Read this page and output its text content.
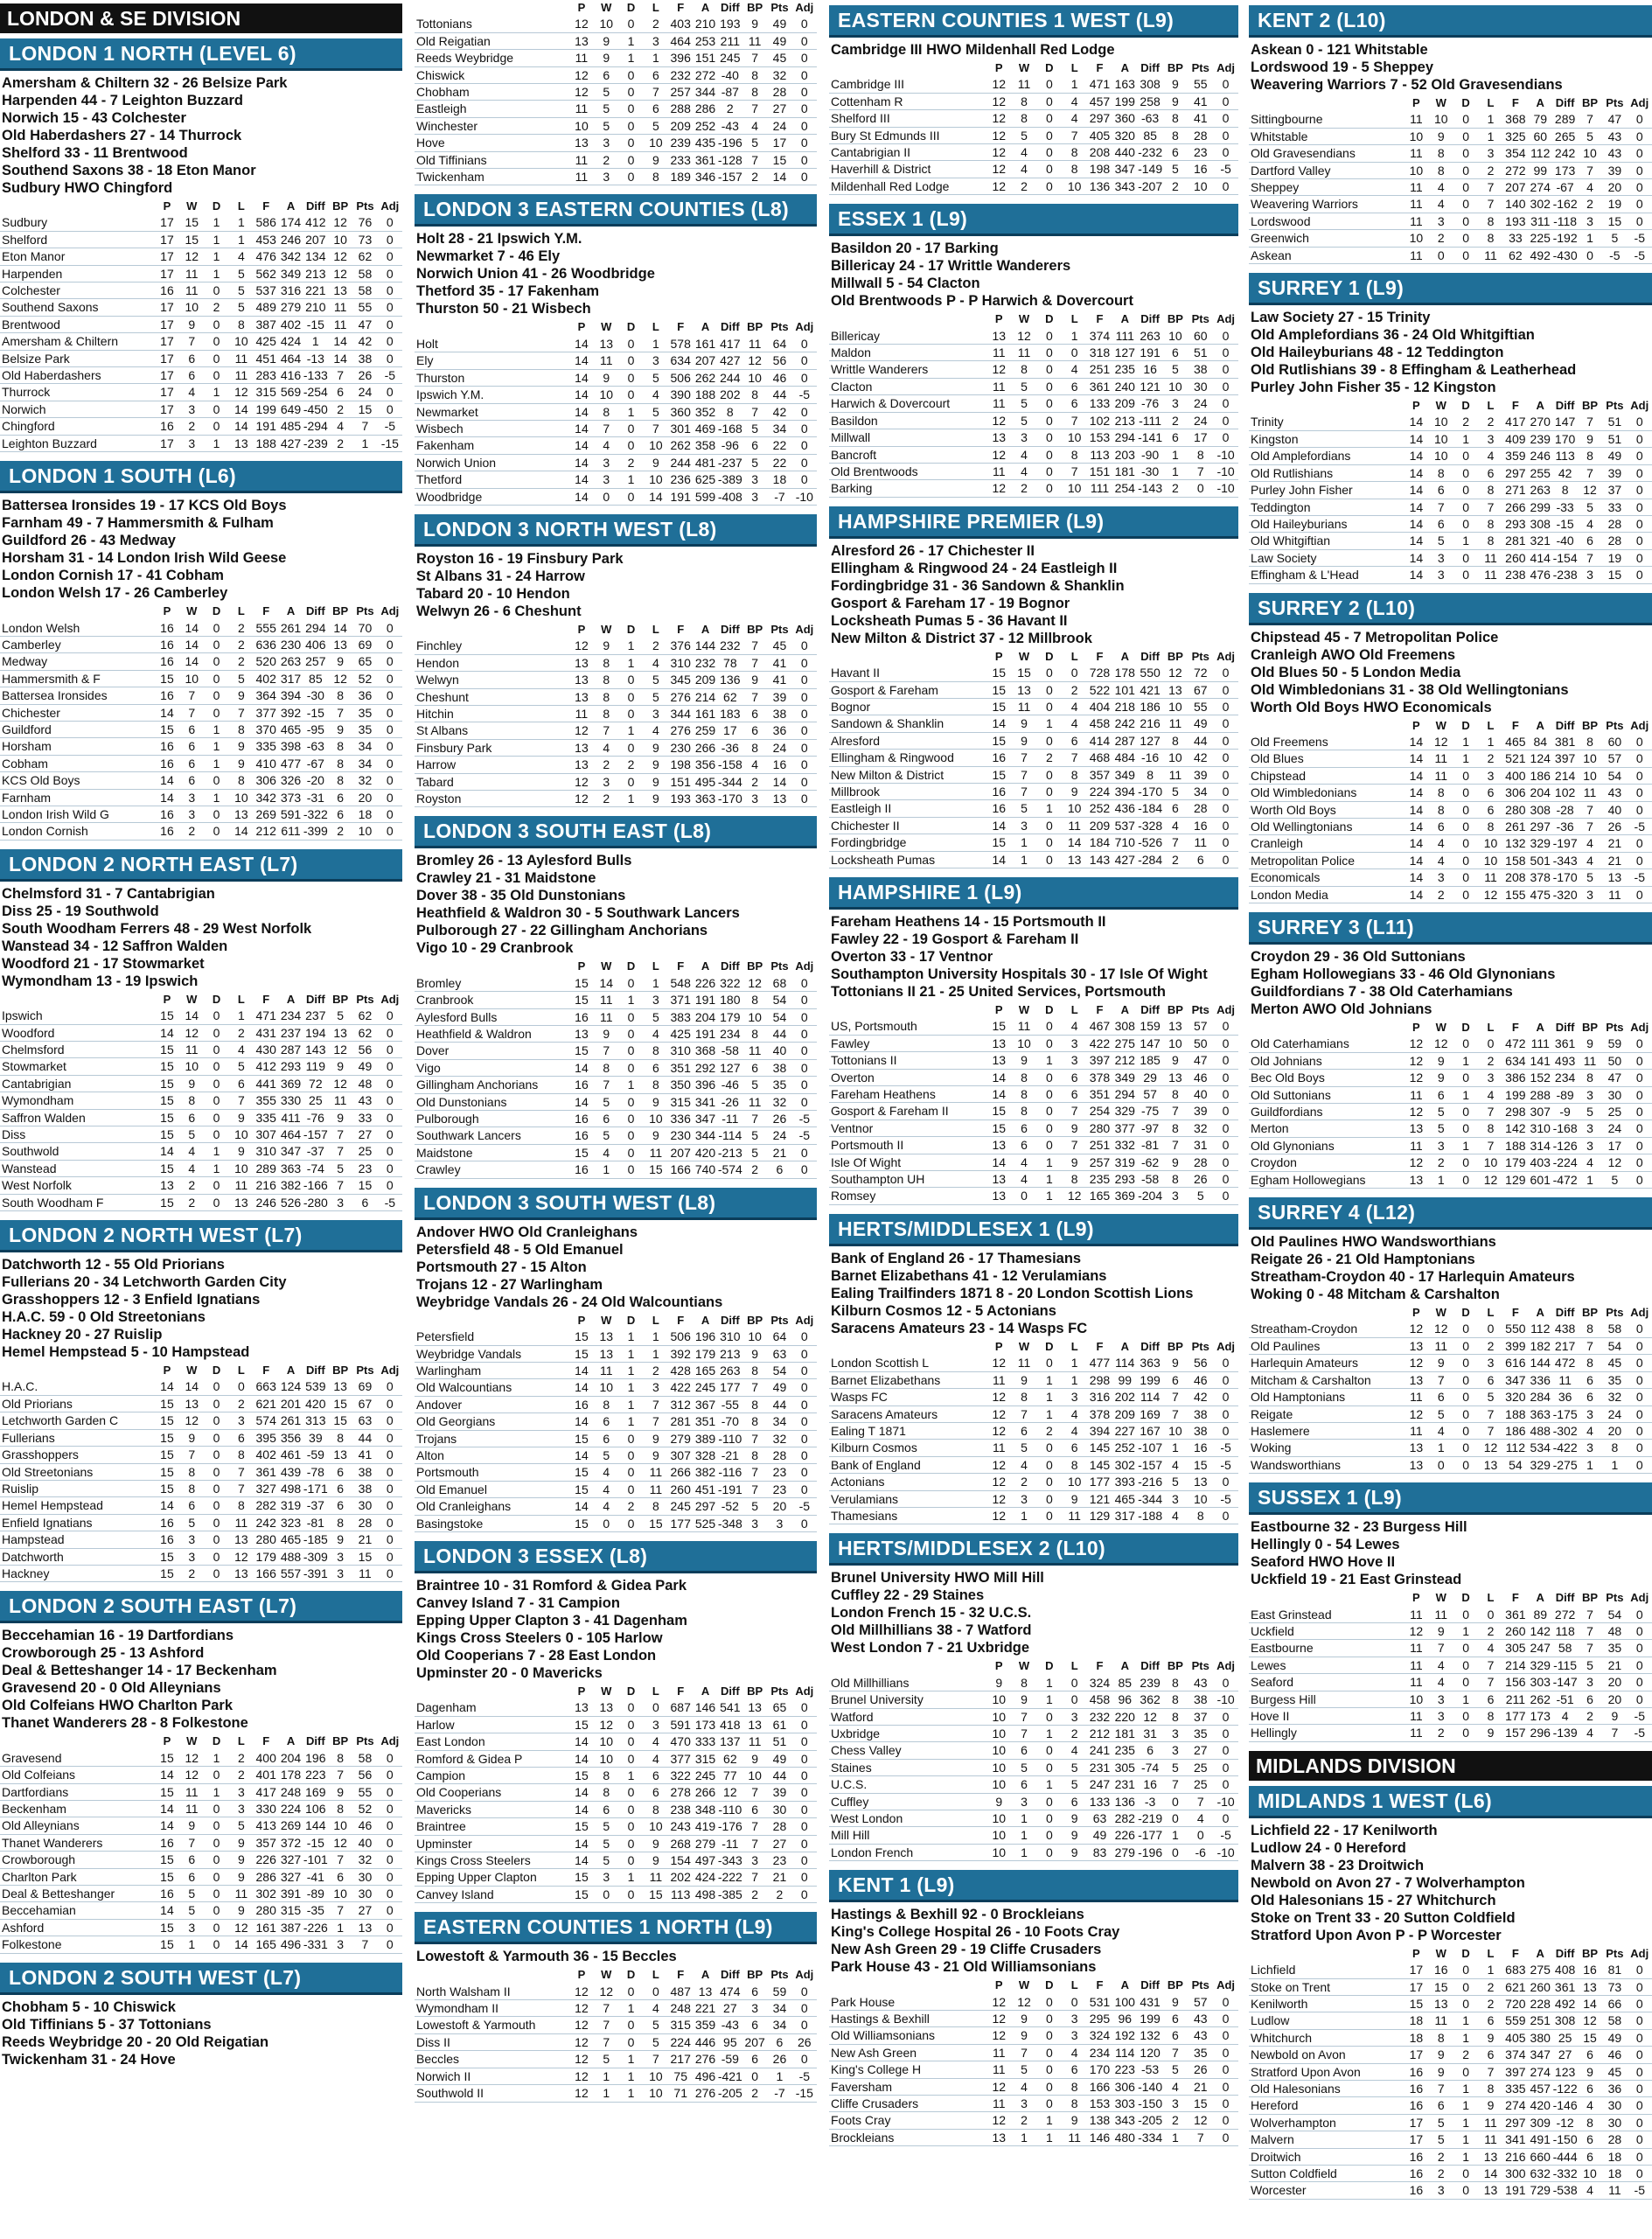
LONDON & SE DIVISION
LONDON 1 NORTH (LEVEL 6)
Amersham & Chiltern 32 - 26 Belsize Park
Harpenden 44 - 7 Leighton Buzzard
Norwich 15 - 43 Colchester
Old Haberdashers 27 - 14 Thurrock
Shelford 33 - 11 Brentwood
Southend Saxons 38 - 18 Eton Manor
Sudbury HWO Chingford
	P	W	D	L	F	A	Diff	BP	Pts	Adj
Sudbury	17	15	1	1	586	174	412	12	76	0
Shelford	17	15	1	1	453	246	207	10	73	0
Eton Manor	17	12	1	4	476	342	134	12	62	0
Harpenden	17	11	1	5	562	349	213	12	58	0
Colchester	16	11	0	5	537	316	221	13	58	0
Southend Saxons	17	10	2	5	489	279	210	11	55	0
Brentwood	17	9	0	8	387	402	-15	11	47	0
Amersham & Chiltern	17	7	0	10	425	424	1	14	42	0
Belsize Park	17	6	0	11	451	464	-13	14	38	0
Old Haberdashers	17	6	0	11	283	416	-133	7	26	-5
Thurrock	17	4	1	12	315	569	-254	6	24	0
Norwich	17	3	0	14	199	649	-450	2	15	0
Chingford	16	2	0	14	191	485	-294	4	7	-5
Leighton Buzzard	17	3	1	13	188	427	-239	2	1	-15
LONDON 1 SOUTH (L6)
Battersea Ironsides 19 - 17 KCS Old Boys
Farnham 49 - 7 Hammersmith & Fulham
Guildford 26 - 43 Medway
Horsham 31 - 14 London Irish Wild Geese
London Cornish 17 - 41 Cobham
London Welsh 17 - 26 Camberley
	P	W	D	L	F	A	Diff	BP	Pts	Adj
London Welsh	16	14	0	2	555	261	294	14	70	0
Camberley	16	14	0	2	636	230	406	13	69	0
Medway	16	14	0	2	520	263	257	9	65	0
Hammersmith & F	15	10	0	5	402	317	85	12	52	0
Battersea Ironsides	16	7	0	9	364	394	-30	8	36	0
Chichester	14	7	0	7	377	392	-15	7	35	0
Guildford	15	6	1	8	370	465	-95	9	35	0
Horsham	16	6	1	9	335	398	-63	8	34	0
Cobham	16	6	1	9	410	477	-67	8	34	0
KCS Old Boys	14	6	0	8	306	326	-20	8	32	0
Farnham	14	3	1	10	342	373	-31	6	20	0
London Irish Wild G	16	3	0	13	269	591	-322	6	18	0
London Cornish	16	2	0	14	212	611	-399	2	10	0
LONDON 2 NORTH EAST (L7)
Chelmsford 31 - 7 Cantabrigian
Diss 25 - 19 Southwold
South Woodham Ferrers 48 - 29 West Norfolk
Wanstead 34 - 12 Saffron Walden
Woodford 21 - 17 Stowmarket
Wymondham 13 - 19 Ipswich
	P	W	D	L	F	A	Diff	BP	Pts	Adj
Ipswich	15	14	0	1	471	234	237	5	62	0
Woodford	14	12	0	2	431	237	194	13	62	0
Chelmsford	15	11	0	4	430	287	143	12	56	0
Stowmarket	15	10	0	5	412	293	119	9	49	0
Cantabrigian	15	9	0	6	441	369	72	12	48	0
Wymondham	15	8	0	7	355	330	25	11	43	0
Saffron Walden	15	6	0	9	335	411	-76	9	33	0
Diss	15	5	0	10	307	464	-157	7	27	0
Southwold	14	4	1	9	310	347	-37	7	25	0
Wanstead	15	4	1	10	289	363	-74	5	23	0
West Norfolk	13	2	0	11	216	382	-166	7	15	0
South Woodham F	15	2	0	13	246	526	-280	3	6	-5
LONDON 2 NORTH WEST (L7)
Datchworth 12 - 55 Old Priorians
Fullerians 20 - 34 Letchworth Garden City
Grasshoppers 12 - 3 Enfield Ignatians
H.A.C. 59 - 0 Old Streetonians
Hackney 20 - 27 Ruislip
Hemel Hempstead 5 - 10 Hampstead
	P	W	D	L	F	A	Diff	BP	Pts	Adj
H.A.C.	14	14	0	0	663	124	539	13	69	0
Old Priorians	15	13	0	2	621	201	420	15	67	0
Letchworth Garden C	15	12	0	3	574	261	313	15	63	0
Fullerians	15	9	0	6	395	356	39	8	44	0
Grasshoppers	15	7	0	8	402	461	-59	13	41	0
Old Streetonians	15	8	0	7	361	439	-78	6	38	0
Ruislip	15	8	0	7	327	498	-171	6	38	0
Hemel Hempstead	14	6	0	8	282	319	-37	6	30	0
Enfield Ignatians	16	5	0	11	242	323	-81	8	28	0
Hampstead	16	3	0	13	280	465	-185	9	21	0
Datchworth	15	3	0	12	179	488	-309	3	15	0
Hackney	15	2	0	13	166	557	-391	3	11	0
LONDON 2 SOUTH EAST (L7)
Beccehamian 16 - 19 Dartfordians
Crowborough 25 - 13 Ashford
Deal & Betteshanger 14 - 17 Beckenham
Gravesend 20 - 0 Old Alleynians
Old Colfeians HWO Charlton Park
Thanet Wanderers 28 - 8 Folkestone
	P	W	D	L	F	A	Diff	BP	Pts	Adj
Gravesend	15	12	1	2	400	204	196	8	58	0
Old Colfeians	14	12	0	2	401	178	223	7	56	0
Dartfordians	15	11	1	3	417	248	169	9	55	0
Beckenham	14	11	0	3	330	224	106	8	52	0
Old Alleynians	14	9	0	5	413	269	144	10	46	0
Thanet Wanderers	16	7	0	9	357	372	-15	12	40	0
Crowborough	15	6	0	9	226	327	-101	7	32	0
Charlton Park	15	6	0	9	286	327	-41	6	30	0
Deal & Betteshanger	16	5	0	11	302	391	-89	10	30	0
Beccehamian	14	5	0	9	280	315	-35	7	27	0
Ashford	15	3	0	12	161	387	-226	1	13	0
Folkestone	15	1	0	14	165	496	-331	3	7	0
LONDON 2 SOUTH WEST (L7)
Chobham 5 - 10 Chiswick
Old Tiffinians 5 - 37 Tottonians
Reeds Weybridge 20 - 20 Old Reigatian
Twickenham 31 - 24 Hove
	P	W	D	L	F	A	Diff	BP	Pts	Adj
Tottonians	12	10	0	2	403	210	193	9	49	0
Old Reigatian	13	9	1	3	464	253	211	11	49	0
Reeds Weybridge	11	9	1	1	396	151	245	7	45	0
Chiswick	12	6	0	6	232	272	-40	8	32	0
Chobham	12	5	0	7	257	344	-87	8	28	0
Eastleigh	11	5	0	6	288	286	2	7	27	0
Winchester	10	5	0	5	209	252	-43	4	24	0
Hove	13	3	0	10	239	435	-196	5	17	0
Old Tiffinians	11	2	0	9	233	361	-128	7	15	0
Twickenham	11	3	0	8	189	346	-157	2	14	0
LONDON 3 EASTERN COUNTIES (L8)
Holt 28 - 21 Ipswich Y.M.
Newmarket 7 - 46 Ely
Norwich Union 41 - 26 Woodbridge
Thetford 35 - 17 Fakenham
Thurston 50 - 21 Wisbech
	P	W	D	L	F	A	Diff	BP	Pts	Adj
Holt	14	13	0	1	578	161	417	11	64	0
Ely	14	11	0	3	634	207	427	12	56	0
Thurston	14	9	0	5	506	262	244	10	46	0
Ipswich Y.M.	14	10	0	4	390	188	202	8	44	-5
Newmarket	14	8	1	5	360	352	8	7	42	0
Wisbech	14	7	0	7	301	469	-168	5	34	0
Fakenham	14	4	0	10	262	358	-96	6	22	0
Norwich Union	14	3	2	9	244	481	-237	5	22	0
Thetford	14	3	1	10	236	625	-389	3	18	0
Woodbridge	14	0	0	14	191	599	-408	3	-7	-10
LONDON 3 NORTH WEST (L8)
Royston 16 - 19 Finsbury Park
St Albans 31 - 24 Harrow
Tabard 20 - 10 Hendon
Welwyn 26 - 6 Cheshunt
	P	W	D	L	F	A	Diff	BP	Pts	Adj
Finchley	12	9	1	2	376	144	232	7	45	0
Hendon	13	8	1	4	310	232	78	7	41	0
Welwyn	13	8	0	5	345	209	136	9	41	0
Cheshunt	13	8	0	5	276	214	62	7	39	0
Hitchin	11	8	0	3	344	161	183	6	38	0
St Albans	12	7	1	4	276	259	17	6	36	0
Finsbury Park	13	4	0	9	230	266	-36	8	24	0
Harrow	13	2	2	9	198	356	-158	4	16	0
Tabard	12	3	0	9	151	495	-344	2	14	0
Royston	12	2	1	9	193	363	-170	3	13	0
LONDON 3 SOUTH EAST (L8)
Bromley 26 - 13 Aylesford Bulls
Crawley 21 - 31 Maidstone
Dover 38 - 35 Old Dunstonians
Heathfield & Waldron 30 - 5 Southwark Lancers
Pulborough 27 - 22 Gillingham Anchorians
Vigo 10 - 29 Cranbrook
	P	W	D	L	F	A	Diff	BP	Pts	Adj
Bromley	15	14	0	1	548	226	322	12	68	0
Cranbrook	15	11	1	3	371	191	180	8	54	0
Aylesford Bulls	16	11	0	5	383	204	179	10	54	0
Heathfield & Waldron	13	9	0	4	425	191	234	8	44	0
Dover	15	7	0	8	310	368	-58	11	40	0
Vigo	14	8	0	6	351	292	127	6	38	0
Gillingham Anchorians	16	7	1	8	350	396	-46	5	35	0
Old Dunstonians	14	5	0	9	315	341	-26	11	32	0
Pulborough	16	6	0	10	336	347	-11	7	26	-5
Southwark Lancers	16	5	0	9	230	344	-114	5	24	-5
Maidstone	15	4	0	11	207	420	-213	5	21	0
Crawley	16	1	0	15	166	740	-574	2	6	0
LONDON 3 SOUTH WEST (L8)
Andover HWO Old Cranleighans
Petersfield 48 - 5 Old Emanuel
Portsmouth 27 - 15 Alton
Trojans 12 - 27 Warlingham
Weybridge Vandals 26 - 24 Old Walcountians
	P	W	D	L	F	A	Diff	BP	Pts	Adj
Petersfield	15	13	1	1	506	196	310	10	64	0
Weybridge Vandals	15	13	1	1	392	179	213	9	63	0
Warlingham	14	11	1	2	428	165	263	8	54	0
Old Walcountians	14	10	1	3	422	245	177	7	49	0
Andover	16	8	1	7	312	367	-55	8	44	0
Old Georgians	14	6	1	7	281	351	-70	8	34	0
Trojans	15	6	0	9	279	389	-110	7	32	0
Alton	14	5	0	9	307	328	-21	8	28	0
Portsmouth	15	4	0	11	266	382	-116	7	23	0
Old Emanuel	15	4	0	11	260	451	-191	7	23	0
Old Cranleighans	14	4	2	8	245	297	-52	5	20	-5
Basingstoke	15	0	0	15	177	525	-348	3	3	0
LONDON 3 ESSEX (L8)
Braintree 10 - 31 Romford & Gidea Park
Canvey Island 7 - 31 Campion
Epping Upper Clapton 3 - 41 Dagenham
Kings Cross Steelers 0 - 105 Harlow
Old Cooperians 7 - 28 East London
Upminster 20 - 0 Mavericks
	P	W	D	L	F	A	Diff	BP	Pts	Adj
Dagenham	13	13	0	0	687	146	541	13	65	0
Harlow	15	12	0	3	591	173	418	13	61	0
East London	14	10	0	4	470	333	137	11	51	0
Romford & Gidea P	14	10	0	4	377	315	62	9	49	0
Campion	15	8	1	6	322	245	77	10	44	0
Old Cooperians	14	8	0	6	278	266	12	7	39	0
Mavericks	14	6	0	8	238	348	-110	6	30	0
Braintree	15	5	0	10	243	419	-176	7	28	0
Upminster	14	5	0	9	268	279	-11	7	27	0
Kings Cross Steelers	14	5	0	9	154	497	-343	3	23	0
Epping Upper Clapton	15	3	1	11	202	424	-222	7	21	0
Canvey Island	15	0	0	15	113	498	-385	2	2	0
EASTERN COUNTIES 1 NORTH (L9)
Lowestoft & Yarmouth 36 - 15 Beccles
	P	W	D	L	F	A	Diff	BP	Pts	Adj
North Walsham II	12	12	0	0	487	13	474	6	59	0
Wymondham II	12	7	1	4	248	221	27	3	34	0
Lowestoft & Yarmouth	12	7	0	5	315	359	-43	6	34	0
Diss II	12	7	0	5	224	446	95	207	6	26
Beccles	12	5	1	7	217	276	-59	6	26	0
Norwich II	12	1	1	10	75	496	-421	0	1	-5
Southwold II	12	1	1	10	71	276	-205	2	-7	-15
EASTERN COUNTIES 1 WEST (L9)
Cambridge III HWO Mildenhall Red Lodge
	P	W	D	L	F	A	Diff	BP	Pts	Adj
Cambridge III	12	11	0	1	471	163	308	9	55	0
Cottenham R	12	8	0	4	457	199	258	9	41	0
Shelford III	12	8	0	4	297	360	-63	8	41	0
Bury St Edmunds III	12	5	0	7	405	320	85	8	28	0
Cantabrigian II	12	4	0	8	208	440	-232	6	23	0
Haverhill & District	12	4	0	8	198	347	-149	5	16	-5
Mildenhall Red Lodge	12	2	0	10	136	343	-207	2	10	0
ESSEX 1 (L9)
Basildon 20 - 17 Barking
Billericay 24 - 17 Writtle Wanderers
Millwall 5 - 54 Clacton
Old Brentwoods P - P Harwich & Dovercourt
	P	W	D	L	F	A	Diff	BP	Pts	Adj
Billericay	13	12	0	1	374	111	263	10	60	0
Maldon	11	11	0	0	318	127	191	6	51	0
Writtle Wanderers	12	8	0	4	251	235	16	5	38	0
Clacton	11	5	0	6	361	240	121	10	30	0
Harwich & Dovercourt	11	5	0	6	133	209	-76	3	24	0
Basildon	12	5	0	7	102	213	-111	2	24	0
Millwall	13	3	0	10	153	294	-141	6	17	0
Bancroft	12	4	0	8	113	203	-90	1	8	-10
Old Brentwoods	11	4	0	7	151	181	-30	1	7	-10
Barking	12	2	0	10	111	254	-143	2	0	-10
HAMPSHIRE PREMIER (L9)
Alresford 26 - 17 Chichester II
Ellingham & Ringwood 24 - 24 Eastleigh II
Fordingbridge 31 - 36 Sandown & Shanklin
Gosport & Fareham 17 - 19 Bognor
Locksheath Pumas 5 - 36 Havant II
New Milton & District 37 - 12 Millbrook
	P	W	D	L	F	A	Diff	BP	Pts	Adj
Havant II	15	15	0	0	728	178	550	12	72	0
Gosport & Fareham	15	13	0	2	522	101	421	13	67	0
Bognor	15	11	0	4	404	218	186	10	55	0
Sandown & Shanklin	14	9	1	4	458	242	216	11	49	0
Alresford	15	9	0	6	414	287	127	8	44	0
Ellingham & Ringwood	16	7	2	7	468	484	-16	10	42	0
New Milton & District	15	7	0	8	357	349	8	11	39	0
Millbrook	16	7	0	9	224	394	-170	5	34	0
Eastleigh II	16	5	1	10	252	436	-184	6	28	0
Chichester II	14	3	0	11	209	537	-328	4	16	0
Fordingbridge	15	1	0	14	184	710	-526	7	11	0
Locksheath Pumas	14	1	0	13	143	427	-284	2	6	0
HAMPSHIRE 1 (L9)
Fareham Heathens 14 - 15 Portsmouth II
Fawley 22 - 19 Gosport & Fareham II
Overton 33 - 17 Ventnor
Southampton University Hospitals 30 - 17 Isle Of Wight
Tottonians II 21 - 25 United Services, Portsmouth
	P	W	D	L	F	A	Diff	BP	Pts	Adj
US, Portsmouth	15	11	0	4	467	308	159	13	57	0
Fawley	13	10	0	3	422	275	147	10	50	0
Tottonians II	13	9	1	3	397	212	185	9	47	0
Overton	14	8	0	6	378	349	29	13	46	0
Fareham Heathens	14	8	0	6	351	294	57	8	40	0
Gosport & Fareham II	15	8	0	7	254	329	-75	7	39	0
Ventnor	15	6	0	9	280	377	-97	8	32	0
Portsmouth II	13	6	0	7	251	332	-81	7	31	0
Isle Of Wight	14	4	1	9	257	319	-62	9	28	0
Southampton UH	13	4	1	8	235	293	-58	8	26	0
Romsey	13	0	1	12	165	369	-204	3	5	0
HERTS/MIDDLESEX 1 (L9)
Bank of England 26 - 17 Thamesians
Barnet Elizabethans 41 - 12 Verulamians
Ealing Trailfinders 1871 8 - 20 London Scottish Lions
Kilburn Cosmos 12 - 5 Actonians
Saracens Amateurs 23 - 14 Wasps FC
	P	W	D	L	F	A	Diff	BP	Pts	Adj
London Scottish L	12	11	0	1	477	114	363	9	56	0
Barnet Elizabethans	11	9	1	1	298	99	199	6	46	0
Wasps FC	12	8	1	3	316	202	114	7	42	0
Saracens Amateurs	12	7	1	4	378	209	169	7	38	0
Ealing T 1871	12	6	2	4	394	227	167	10	38	0
Kilburn Cosmos	11	5	0	6	145	252	-107	1	16	-5
Bank of England	12	4	0	8	145	302	-157	4	15	-5
Actonians	12	2	0	10	177	393	-216	5	13	0
Verulamians	12	3	0	9	121	465	-344	3	10	-5
Thamesians	12	1	0	11	129	317	-188	4	8	0
HERTS/MIDDLESEX 2 (L10)
Brunel University HWO Mill Hill
Cuffley 22 - 29 Staines
London French 15 - 32 U.C.S.
Old Millhillians 38 - 7 Watford
West London 7 - 21 Uxbridge
	P	W	D	L	F	A	Diff	BP	Pts	Adj
Old Millhillians	9	8	1	0	324	85	239	8	43	0
Brunel University	10	9	1	0	458	96	362	8	38	-10
Watford	10	7	0	3	232	220	12	8	37	0
Uxbridge	10	7	1	2	212	181	31	3	35	0
Chess Valley	10	6	0	4	241	235	6	3	27	0
Staines	10	5	0	5	231	305	-74	5	25	0
U.C.S.	10	6	1	5	247	231	16	7	25	0
Cuffley	9	3	0	6	133	136	-3	0	7	-10
West London	10	1	0	9	63	282	-219	0	4	0
Mill Hill	10	1	0	9	49	226	-177	1	0	-5
London French	10	1	0	9	83	279	-196	0	-6	-10
KENT 1 (L9)
Hastings & Bexhill 92 - 0 Brockleians
King's College Hospital 26 - 10 Foots Cray
New Ash Green 29 - 19 Cliffe Crusaders
Park House 43 - 21 Old Williamsonians
	P	W	D	L	F	A	Diff	BP	Pts	Adj
Park House	12	12	0	0	531	100	431	9	57	0
Hastings & Bexhill	12	9	0	3	295	96	199	6	43	0
Old Williamsonians	12	9	0	3	324	192	132	6	43	0
New Ash Green	11	7	0	4	234	114	120	7	35	0
King's College H	11	5	0	6	170	223	-53	5	26	0
Faversham	12	4	0	8	166	306	-140	4	21	0
Cliffe Crusaders	11	3	0	8	153	303	-150	3	15	0
Foots Cray	12	2	1	9	138	343	-205	2	12	0
Brockleians	13	1	1	11	146	480	-334	1	7	0
KENT 2 (L10)
Askean 0 - 121 Whitstable
Lordswood 19 - 5 Sheppey
Weavering Warriors 7 - 52 Old Gravesendians
	P	W	D	L	F	A	Diff	BP	Pts	Adj
Sittingbourne	11	10	0	1	368	79	289	7	47	0
Whitstable	10	9	0	1	325	60	265	5	43	0
Old Gravesendians	11	8	0	3	354	112	242	10	43	0
Dartford Valley	10	8	0	2	272	99	173	7	39	0
Sheppey	11	4	0	7	207	274	-67	4	20	0
Weavering Warriors	11	4	0	7	140	302	-162	2	19	0
Lordswood	11	3	0	8	193	311	-118	3	15	0
Greenwich	10	2	0	8	33	225	-192	1	5	-5
Askean	11	0	0	11	62	492	-430	0	-5	-5
SURREY 1 (L9)
Law Society 27 - 15 Trinity
Old Amplefordians 36 - 24 Old Whitgiftian
Old Haileyburians 48 - 12 Teddington
Old Rutlishians 39 - 8 Effingham & Leatherhead
Purley John Fisher 35 - 12 Kingston
	P	W	D	L	F	A	Diff	BP	Pts	Adj
Trinity	14	10	2	2	417	270	147	7	51	0
Kingston	14	10	1	3	409	239	170	9	51	0
Old Amplefordians	14	10	0	4	359	246	113	8	49	0
Old Rutlishians	14	8	0	6	297	255	42	7	39	0
Purley John Fisher	14	6	0	8	271	263	8	12	37	0
Teddington	14	7	0	7	266	299	-33	5	33	0
Old Haileyburians	14	6	0	8	293	308	-15	4	28	0
Old Whitgiftian	14	5	1	8	281	321	-40	6	28	0
Law Society	14	3	0	11	260	414	-154	7	19	0
Effingham & L'Head	14	3	0	11	238	476	-238	3	15	0
SURREY 2 (L10)
Chipstead 45 - 7 Metropolitan Police
Cranleigh AWO Old Freemens
Old Blues 50 - 5 London Media
Old Wimbledonians 31 - 38 Old Wellingtonians
Worth Old Boys HWO Economicals
	P	W	D	L	F	A	Diff	BP	Pts	Adj
Old Freemens	14	12	1	1	465	84	381	8	60	0
Old Blues	14	11	1	2	521	124	397	10	57	0
Chipstead	14	11	0	3	400	186	214	10	54	0
Old Wimbledonians	14	8	0	6	306	204	102	11	43	0
Worth Old Boys	14	8	0	6	280	308	-28	7	40	0
Old Wellingtonians	14	6	0	8	261	297	-36	7	26	-5
Cranleigh	14	4	0	10	132	329	-197	4	21	0
Metropolitan Police	14	4	0	10	158	501	-343	4	21	0
Economicals	14	3	0	11	208	378	-170	5	13	-5
London Media	14	2	0	12	155	475	-320	3	11	0
SURREY 3 (L11)
Croydon 29 - 36 Old Suttonians
Egham Hollowegians 33 - 46 Old Glynonians
Guildfordians 7 - 38 Old Caterhamians
Merton AWO Old Johnians
	P	W	D	L	F	A	Diff	BP	Pts	Adj
Old Caterhamians	12	12	0	0	472	111	361	9	59	0
Old Johnians	12	9	1	2	634	141	493	11	50	0
Bec Old Boys	12	9	0	3	386	152	234	8	47	0
Old Suttonians	11	6	1	4	199	288	-89	3	30	0
Guildfordians	12	5	0	7	298	307	-9	5	25	0
Merton	13	5	0	8	142	310	-168	3	24	0
Old Glynonians	11	3	1	7	188	314	-126	3	17	0
Croydon	12	2	0	10	179	403	-224	4	12	0
Egham Hollowegians	13	1	0	12	129	601	-472	1	5	0
SURREY 4 (L12)
Old Paulines HWO Wandsworthians
Reigate 26 - 21 Old Hamptonians
Streatham-Croydon 40 - 17 Harlequin Amateurs
Woking 0 - 48 Mitcham & Carshalton
	P	W	D	L	F	A	Diff	BP	Pts	Adj
Streatham-Croydon	12	12	0	0	550	112	438	8	58	0
Old Paulines	13	11	0	2	399	182	217	7	54	0
Harlequin Amateurs	12	9	0	3	616	144	472	8	45	0
Mitcham & Carshalton	13	7	0	6	347	336	11	6	35	0
Old Hamptonians	11	6	0	5	320	284	36	6	32	0
Reigate	12	5	0	7	188	363	-175	3	24	0
Haslemere	11	4	0	7	186	488	-302	4	20	0
Woking	13	1	0	12	112	534	-422	3	8	0
Wandsworthians	13	0	0	13	54	329	-275	1	1	0
SUSSEX 1 (L9)
Eastbourne 32 - 23 Burgess Hill
Hellingly 0 - 54 Lewes
Seaford HWO Hove II
Uckfield 19 - 21 East Grinstead
	P	W	D	L	F	A	Diff	BP	Pts	Adj
East Grinstead	11	11	0	0	361	89	272	7	54	0
Uckfield	12	9	1	2	260	142	118	7	48	0
Eastbourne	11	7	0	4	305	247	58	7	35	0
Lewes	11	4	0	7	214	329	-115	5	21	0
Seaford	11	4	0	7	156	303	-147	3	20	0
Burgess Hill	10	3	1	6	211	262	-51	6	20	0
Hove II	11	3	0	8	177	173	4	2	9	-5
Hellingly	11	2	0	9	157	296	-139	4	7	-5
MIDLANDS DIVISION
MIDLANDS 1 WEST (L6)
Lichfield 22 - 17 Kenilworth
Ludlow 24 - 0 Hereford
Malvern 38 - 23 Droitwich
Newbold on Avon 27 - 7 Wolverhampton
Old Halesonians 15 - 27 Whitchurch
Stoke on Trent 33 - 20 Sutton Coldfield
Stratford Upon Avon P - P Worcester
	P	W	D	L	F	A	Diff	BP	Pts	Adj
Lichfield	17	16	0	1	683	275	408	16	81	0
Stoke on Trent	17	15	0	2	621	260	361	13	73	0
Kenilworth	15	13	0	2	720	228	492	14	66	0
Ludlow	18	11	1	6	559	251	308	12	58	0
Whitchurch	18	8	1	9	405	380	25	15	49	0
Newbold on Avon	17	9	2	6	374	347	27	6	46	0
Stratford Upon Avon	16	9	0	7	397	274	123	9	45	0
Old Halesonians	16	7	1	8	335	457	-122	6	36	0
Hereford	16	6	1	9	274	420	-146	4	30	0
Wolverhampton	17	5	1	11	297	309	-12	8	30	0
Malvern	17	5	1	11	341	491	-150	6	28	0
Droitwich	16	2	1	13	216	660	-444	6	18	0
Sutton Coldfield	16	2	0	14	300	632	-332	10	18	0
Worcester	16	3	0	13	191	729	-538	4	11	-5
